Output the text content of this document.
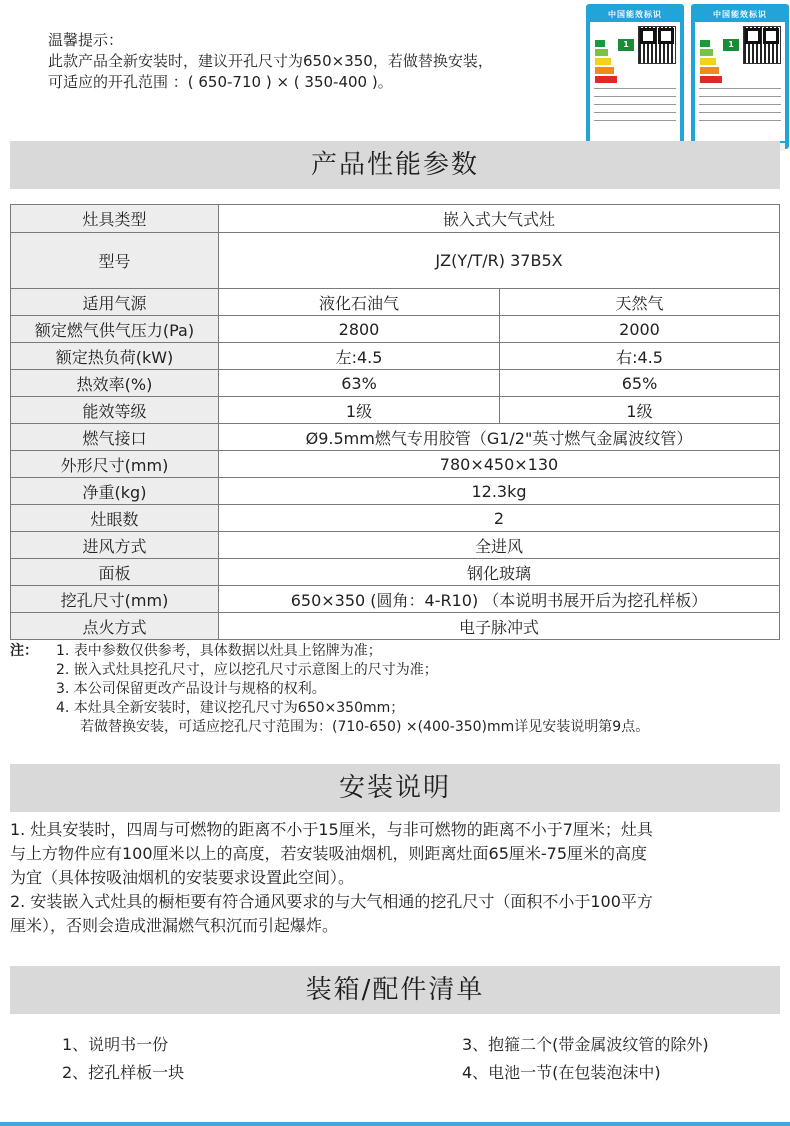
温馨提示：
此款产品全新安装时，建议开孔尺寸为650×350，若做替换安装，
可适应的开孔范围 ：( 650-710 ) × ( 350-400 )。
中国能效标识
1
中国能效标识
1
产品性能参数
灶具类型	嵌入式大气式灶	
型号	JZ(Y/T/R) 37B5X	
适用气源	液化石油气	天然气
额定燃气供气压力(Pa)	2800	2000
额定热负荷(kW)	左:4.5	右:4.5
热效率(%)	63%	65%
能效等级	1级	1级
燃气接口	Ø9.5mm燃气专用胶管（G1/2"英寸燃气金属波纹管）	
外形尺寸(mm)	780×450×130	
净重(kg)	12.3kg	
灶眼数	2	
进风方式	全进风	
面板	钢化玻璃	
挖孔尺寸(mm)	650×350 (圆角：4-R10) （本说明书展开后为挖孔样板）	
点火方式	电子脉冲式	
注：	1. 表中参数仅供参考，具体数据以灶具上铭牌为准；
2. 嵌入式灶具挖孔尺寸，应以挖孔尺寸示意图上的尺寸为准；
3. 本公司保留更改产品设计与规格的权利。
4. 本灶具全新安装时，建议挖孔尺寸为650×350mm；
若做替换安装，可适应挖孔尺寸范围为：(710-650) ×(400-350)mm详见安装说明第9点。
安装说明

1. 灶具安装时，四周与可燃物的距离不小于15厘米，与非可燃物的距离不小于7厘米；灶具

与上方物件应有100厘米以上的高度，若安装吸油烟机，则距离灶面65厘米-75厘米的高度

为宜（具体按吸油烟机的安装要求设置此空间）。

2. 安装嵌入式灶具的橱柜要有符合通风要求的与大气相通的挖孔尺寸（面积不小于100平方

厘米），否则会造成泄漏燃气积沉而引起爆炸。

装箱/配件清单
1、说明书一份
2、挖孔样板一块
3、抱箍二个(带金属波纹管的除外)
4、电池一节(在包装泡沫中)
